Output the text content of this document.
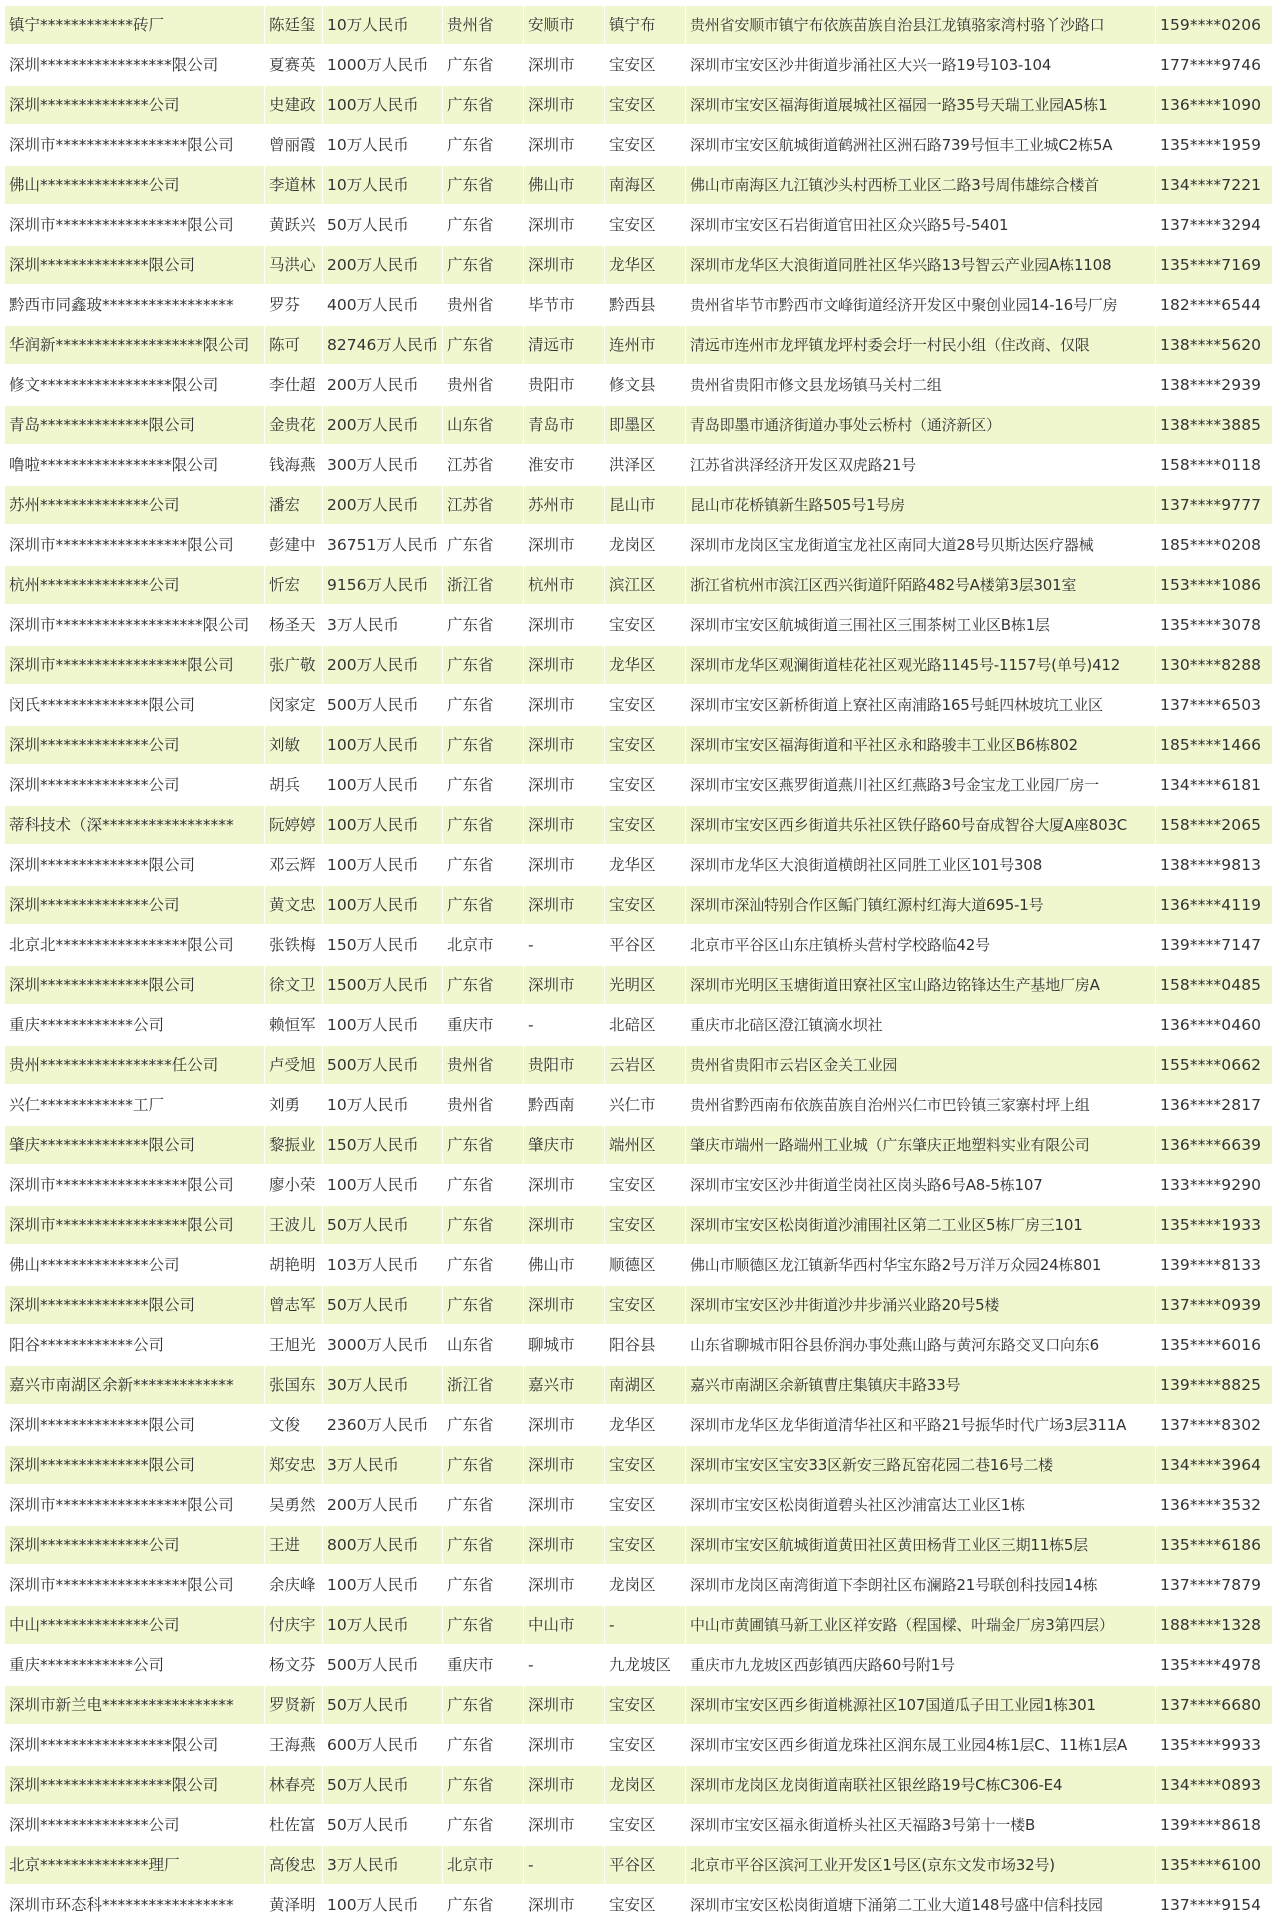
镇宁************砖厂	陈廷玺	10万人民币	贵州省	安顺市	镇宁布	贵州省安顺市镇宁布依族苗族自治县江龙镇骆家湾村骆丫沙路口	159****0206
深圳*****************限公司	夏赛英	1000万人民币	广东省	深圳市	宝安区	深圳市宝安区沙井街道步涌社区大兴一路19号103-104	177****9746
深圳**************公司	史建政	100万人民币	广东省	深圳市	宝安区	深圳市宝安区福海街道展城社区福园一路35号天瑞工业园A5栋1	136****1090
深圳市*****************限公司	曾丽霞	10万人民币	广东省	深圳市	宝安区	深圳市宝安区航城街道鹤洲社区洲石路739号恒丰工业城C2栋5A	135****1959
佛山**************公司	李道林	10万人民币	广东省	佛山市	南海区	佛山市南海区九江镇沙头村西桥工业区二路3号周伟雄综合楼首	134****7221
深圳市*****************限公司	黄跃兴	50万人民币	广东省	深圳市	宝安区	深圳市宝安区石岩街道官田社区众兴路5号-5401	137****3294
深圳**************限公司	马洪心	200万人民币	广东省	深圳市	龙华区	深圳市龙华区大浪街道同胜社区华兴路13号智云产业园A栋1108	135****7169
黔西市同鑫玻*****************	罗芬	400万人民币	贵州省	毕节市	黔西县	贵州省毕节市黔西市文峰街道经济开发区中聚创业园14-16号厂房	182****6544
华润新*******************限公司	陈可	82746万人民币	广东省	清远市	连州市	清远市连州市龙坪镇龙坪村委会圩一村民小组（住改商、仅限	138****5620
修文*****************限公司	李仕超	200万人民币	贵州省	贵阳市	修文县	贵州省贵阳市修文县龙场镇马关村二组	138****2939
青岛**************限公司	金贵花	200万人民币	山东省	青岛市	即墨区	青岛即墨市通济街道办事处云桥村（通济新区）	138****3885
噜啦*****************限公司	钱海燕	300万人民币	江苏省	淮安市	洪泽区	江苏省洪泽经济开发区双虎路21号	158****0118
苏州**************公司	潘宏	200万人民币	江苏省	苏州市	昆山市	昆山市花桥镇新生路505号1号房	137****9777
深圳市*****************限公司	彭建中	36751万人民币	广东省	深圳市	龙岗区	深圳市龙岗区宝龙街道宝龙社区南同大道28号贝斯达医疗器械	185****0208
杭州**************公司	忻宏	9156万人民币	浙江省	杭州市	滨江区	浙江省杭州市滨江区西兴街道阡陌路482号A楼第3层301室	153****1086
深圳市*******************限公司	杨圣天	3万人民币	广东省	深圳市	宝安区	深圳市宝安区航城街道三围社区三围茶树工业区B栋1层	135****3078
深圳市*****************限公司	张广敬	200万人民币	广东省	深圳市	龙华区	深圳市龙华区观澜街道桂花社区观光路1145号-1157号(单号)412	130****8288
闵氏**************限公司	闵家定	500万人民币	广东省	深圳市	宝安区	深圳市宝安区新桥街道上寮社区南浦路165号蚝四林坡坑工业区	137****6503
深圳**************公司	刘敏	100万人民币	广东省	深圳市	宝安区	深圳市宝安区福海街道和平社区永和路骏丰工业区B6栋802	185****1466
深圳**************公司	胡兵	100万人民币	广东省	深圳市	宝安区	深圳市宝安区燕罗街道燕川社区红燕路3号金宝龙工业园厂房一	134****6181
蒂科技术（深*****************	阮婷婷	100万人民币	广东省	深圳市	宝安区	深圳市宝安区西乡街道共乐社区铁仔路60号奋成智谷大厦A座803C	158****2065
深圳**************限公司	邓云辉	100万人民币	广东省	深圳市	龙华区	深圳市龙华区大浪街道横朗社区同胜工业区101号308	138****9813
深圳**************公司	黄文忠	100万人民币	广东省	深圳市	宝安区	深圳市深汕特别合作区鲘门镇红源村红海大道695-1号	136****4119
北京北*****************限公司	张铁梅	150万人民币	北京市	-	平谷区	北京市平谷区山东庄镇桥头营村学校路临42号	139****7147
深圳**************限公司	徐文卫	1500万人民币	广东省	深圳市	光明区	深圳市光明区玉塘街道田寮社区宝山路边铭锋达生产基地厂房A	158****0485
重庆************公司	赖恒军	100万人民币	重庆市	-	北碚区	重庆市北碚区澄江镇滴水坝社	136****0460
贵州*****************任公司	卢受旭	500万人民币	贵州省	贵阳市	云岩区	贵州省贵阳市云岩区金关工业园	155****0662
兴仁************工厂	刘勇	10万人民币	贵州省	黔西南	兴仁市	贵州省黔西南布依族苗族自治州兴仁市巴铃镇三家寨村坪上组	136****2817
肇庆**************限公司	黎振业	150万人民币	广东省	肇庆市	端州区	肇庆市端州一路端州工业城（广东肇庆正地塑料实业有限公司	136****6639
深圳市*****************限公司	廖小荣	100万人民币	广东省	深圳市	宝安区	深圳市宝安区沙井街道坣岗社区岗头路6号A8-5栋107	133****9290
深圳市*****************限公司	王波儿	50万人民币	广东省	深圳市	宝安区	深圳市宝安区松岗街道沙浦围社区第二工业区5栋厂房三101	135****1933
佛山**************公司	胡艳明	103万人民币	广东省	佛山市	顺德区	佛山市顺德区龙江镇新华西村华宝东路2号万洋万众园24栋801	139****8133
深圳**************限公司	曾志军	50万人民币	广东省	深圳市	宝安区	深圳市宝安区沙井街道沙井步涌兴业路20号5楼	137****0939
阳谷************公司	王旭光	3000万人民币	山东省	聊城市	阳谷县	山东省聊城市阳谷县侨润办事处燕山路与黄河东路交叉口向东6	135****6016
嘉兴市南湖区余新*************	张国东	30万人民币	浙江省	嘉兴市	南湖区	嘉兴市南湖区余新镇曹庄集镇庆丰路33号	139****8825
深圳**************限公司	文俊	2360万人民币	广东省	深圳市	龙华区	深圳市龙华区龙华街道清华社区和平路21号振华时代广场3层311A	137****8302
深圳**************限公司	郑安忠	3万人民币	广东省	深圳市	宝安区	深圳市宝安区宝安33区新安三路瓦窑花园二巷16号二楼	134****3964
深圳市*****************限公司	吴勇然	200万人民币	广东省	深圳市	宝安区	深圳市宝安区松岗街道碧头社区沙浦富达工业区1栋	136****3532
深圳**************公司	王进	800万人民币	广东省	深圳市	宝安区	深圳市宝安区航城街道黄田社区黄田杨背工业区三期11栋5层	135****6186
深圳市*****************限公司	余庆峰	100万人民币	广东省	深圳市	龙岗区	深圳市龙岗区南湾街道下李朗社区布澜路21号联创科技园14栋	137****7879
中山**************公司	付庆宇	10万人民币	广东省	中山市	-	中山市黄圃镇马新工业区祥安路（程国樑、叶瑞金厂房3第四层）	188****1328
重庆************公司	杨文芬	500万人民币	重庆市	-	九龙坡区	重庆市九龙坡区西彭镇西庆路60号附1号	135****4978
深圳市新兰电*****************	罗贤新	50万人民币	广东省	深圳市	宝安区	深圳市宝安区西乡街道桃源社区107国道瓜子田工业园1栋301	137****6680
深圳*****************限公司	王海燕	600万人民币	广东省	深圳市	宝安区	深圳市宝安区西乡街道龙珠社区润东晟工业园4栋1层C、11栋1层A	135****9933
深圳*****************限公司	林春亮	50万人民币	广东省	深圳市	龙岗区	深圳市龙岗区龙岗街道南联社区银丝路19号C栋C306-E4	134****0893
深圳**************公司	杜佐富	50万人民币	广东省	深圳市	宝安区	深圳市宝安区福永街道桥头社区天福路3号第十一楼B	139****8618
北京**************理厂	高俊忠	3万人民币	北京市	-	平谷区	北京市平谷区滨河工业开发区1号区(京东文发市场32号)	135****6100
深圳市环态科*****************	黄泽明	100万人民币	广东省	深圳市	宝安区	深圳市宝安区松岗街道塘下涌第二工业大道148号盛中信科技园	137****9154
